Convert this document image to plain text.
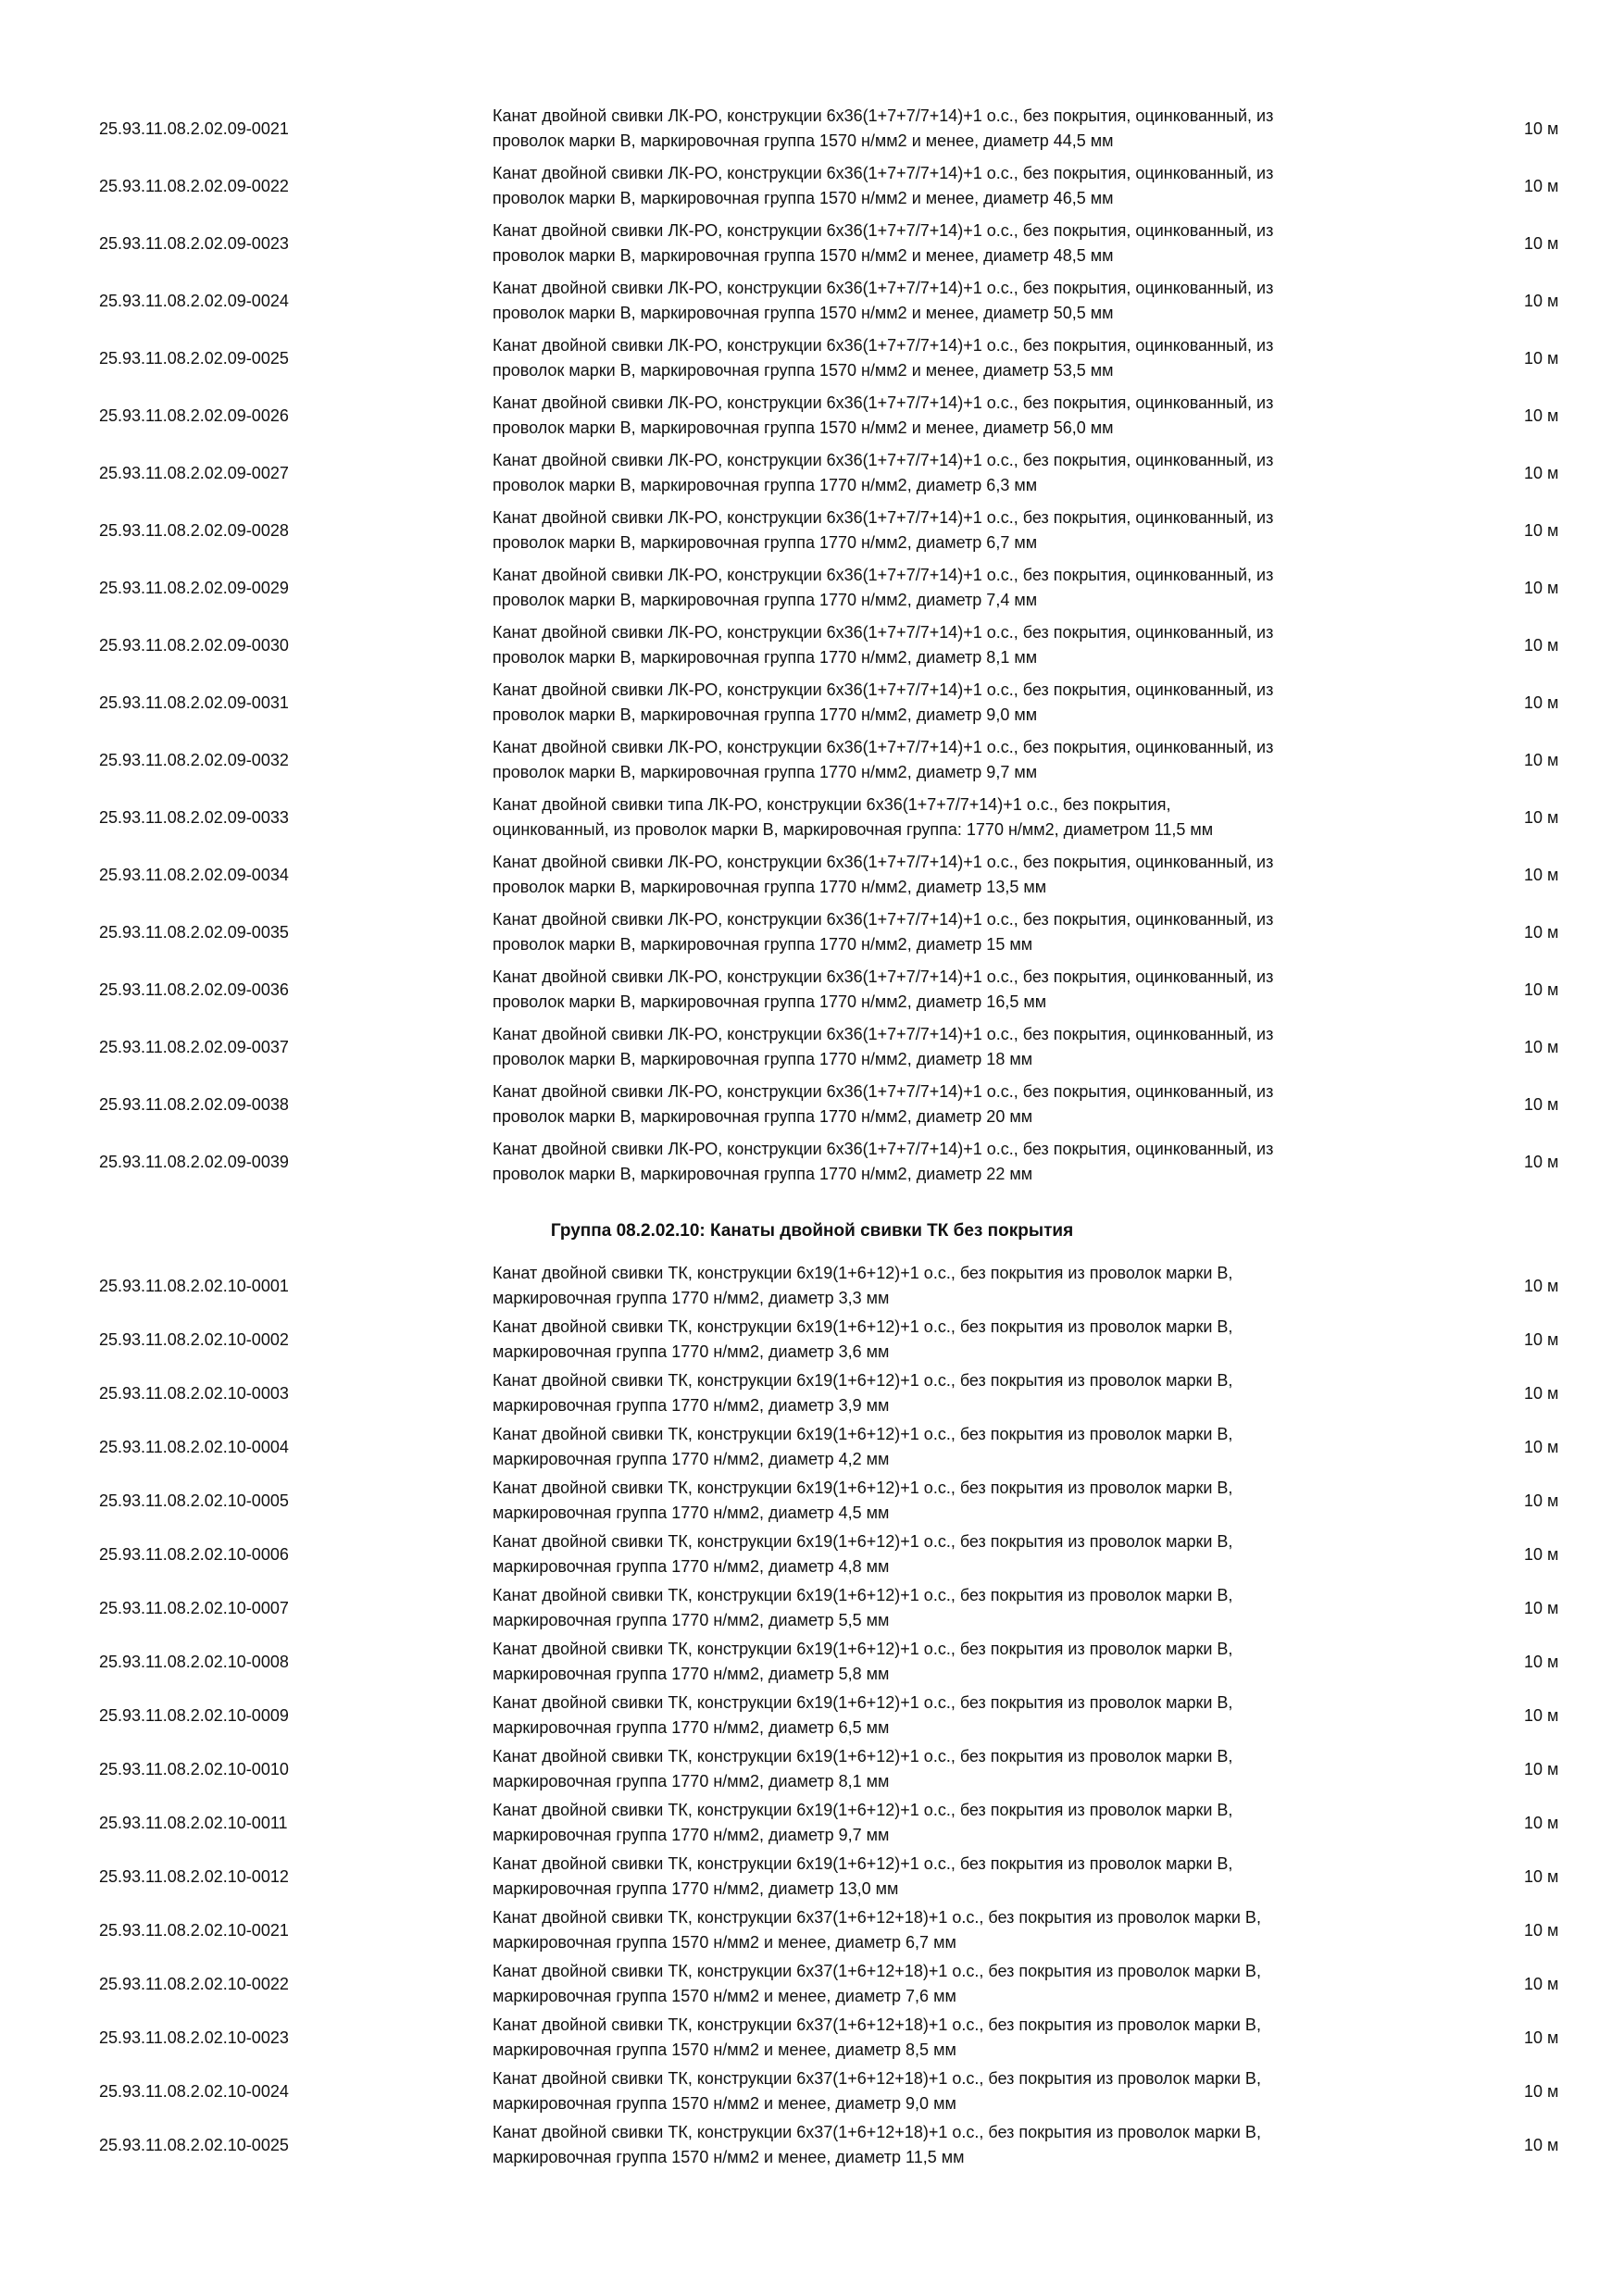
25.93.11.08.2.02.09-0021
Канат двойной свивки ЛК-РО, конструкции 6х36(1+7+7/7+14)+1 о.с., без покрытия, оцинкованный, из
проволок марки В, маркировочная группа 1570 н/мм2 и менее, диаметр 44,5 мм
10 м
25.93.11.08.2.02.09-0022
Канат двойной свивки ЛК-РО, конструкции 6х36(1+7+7/7+14)+1 о.с., без покрытия, оцинкованный, из
проволок марки В, маркировочная группа 1570 н/мм2 и менее, диаметр 46,5 мм
10 м
25.93.11.08.2.02.09-0023
Канат двойной свивки ЛК-РО, конструкции 6х36(1+7+7/7+14)+1 о.с., без покрытия, оцинкованный, из
проволок марки В, маркировочная группа 1570 н/мм2 и менее, диаметр 48,5 мм
10 м
25.93.11.08.2.02.09-0024
Канат двойной свивки ЛК-РО, конструкции 6х36(1+7+7/7+14)+1 о.с., без покрытия, оцинкованный, из
проволок марки В, маркировочная группа 1570 н/мм2 и менее, диаметр 50,5 мм
10 м
25.93.11.08.2.02.09-0025
Канат двойной свивки ЛК-РО, конструкции 6х36(1+7+7/7+14)+1 о.с., без покрытия, оцинкованный, из
проволок марки В, маркировочная группа 1570 н/мм2 и менее, диаметр 53,5 мм
10 м
25.93.11.08.2.02.09-0026
Канат двойной свивки ЛК-РО, конструкции 6х36(1+7+7/7+14)+1 о.с., без покрытия, оцинкованный, из
проволок марки В, маркировочная группа 1570 н/мм2 и менее, диаметр 56,0 мм
10 м
25.93.11.08.2.02.09-0027
Канат двойной свивки ЛК-РО, конструкции 6х36(1+7+7/7+14)+1 о.с., без покрытия, оцинкованный, из
проволок марки В, маркировочная группа 1770 н/мм2, диаметр 6,3 мм
10 м
25.93.11.08.2.02.09-0028
Канат двойной свивки ЛК-РО, конструкции 6х36(1+7+7/7+14)+1 о.с., без покрытия, оцинкованный, из
проволок марки В, маркировочная группа 1770 н/мм2, диаметр 6,7 мм
10 м
25.93.11.08.2.02.09-0029
Канат двойной свивки ЛК-РО, конструкции 6х36(1+7+7/7+14)+1 о.с., без покрытия, оцинкованный, из
проволок марки В, маркировочная группа 1770 н/мм2, диаметр 7,4 мм
10 м
25.93.11.08.2.02.09-0030
Канат двойной свивки ЛК-РО, конструкции 6х36(1+7+7/7+14)+1 о.с., без покрытия, оцинкованный, из
проволок марки В, маркировочная группа 1770 н/мм2, диаметр 8,1 мм
10 м
25.93.11.08.2.02.09-0031
Канат двойной свивки ЛК-РО, конструкции 6х36(1+7+7/7+14)+1 о.с., без покрытия, оцинкованный, из
проволок марки В, маркировочная группа 1770 н/мм2, диаметр 9,0 мм
10 м
25.93.11.08.2.02.09-0032
Канат двойной свивки ЛК-РО, конструкции 6х36(1+7+7/7+14)+1 о.с., без покрытия, оцинкованный, из
проволок марки В, маркировочная группа 1770 н/мм2, диаметр 9,7 мм
10 м
25.93.11.08.2.02.09-0033
Канат двойной свивки типа ЛК-РО, конструкции 6х36(1+7+7/7+14)+1 о.с., без покрытия,
оцинкованный, из проволок марки В, маркировочная группа: 1770 н/мм2, диаметром 11,5 мм
10 м
25.93.11.08.2.02.09-0034
Канат двойной свивки ЛК-РО, конструкции 6х36(1+7+7/7+14)+1 о.с., без покрытия, оцинкованный, из
проволок марки В, маркировочная группа 1770 н/мм2, диаметр 13,5 мм
10 м
25.93.11.08.2.02.09-0035
Канат двойной свивки ЛК-РО, конструкции 6х36(1+7+7/7+14)+1 о.с., без покрытия, оцинкованный, из
проволок марки В, маркировочная группа 1770 н/мм2, диаметр 15 мм
10 м
25.93.11.08.2.02.09-0036
Канат двойной свивки ЛК-РО, конструкции 6х36(1+7+7/7+14)+1 о.с., без покрытия, оцинкованный, из
проволок марки В, маркировочная группа 1770 н/мм2, диаметр 16,5 мм
10 м
25.93.11.08.2.02.09-0037
Канат двойной свивки ЛК-РО, конструкции 6х36(1+7+7/7+14)+1 о.с., без покрытия, оцинкованный, из
проволок марки В, маркировочная группа 1770 н/мм2, диаметр 18 мм
10 м
25.93.11.08.2.02.09-0038
Канат двойной свивки ЛК-РО, конструкции 6х36(1+7+7/7+14)+1 о.с., без покрытия, оцинкованный, из
проволок марки В, маркировочная группа 1770 н/мм2, диаметр 20 мм
10 м
25.93.11.08.2.02.09-0039
Канат двойной свивки ЛК-РО, конструкции 6х36(1+7+7/7+14)+1 о.с., без покрытия, оцинкованный, из
проволок марки В, маркировочная группа 1770 н/мм2, диаметр 22 мм
10 м
Группа 08.2.02.10: Канаты двойной свивки ТК без покрытия
25.93.11.08.2.02.10-0001
Канат двойной свивки ТК, конструкции 6х19(1+6+12)+1 о.с., без покрытия из проволок марки В,
маркировочная группа 1770 н/мм2, диаметр 3,3 мм
10 м
25.93.11.08.2.02.10-0002
Канат двойной свивки ТК, конструкции 6х19(1+6+12)+1 о.с., без покрытия из проволок марки В,
маркировочная группа 1770 н/мм2, диаметр 3,6 мм
10 м
25.93.11.08.2.02.10-0003
Канат двойной свивки ТК, конструкции 6х19(1+6+12)+1 о.с., без покрытия из проволок марки В,
маркировочная группа 1770 н/мм2, диаметр 3,9 мм
10 м
25.93.11.08.2.02.10-0004
Канат двойной свивки ТК, конструкции 6х19(1+6+12)+1 о.с., без покрытия из проволок марки В,
маркировочная группа 1770 н/мм2, диаметр 4,2 мм
10 м
25.93.11.08.2.02.10-0005
Канат двойной свивки ТК, конструкции 6х19(1+6+12)+1 о.с., без покрытия из проволок марки В,
маркировочная группа 1770 н/мм2, диаметр 4,5 мм
10 м
25.93.11.08.2.02.10-0006
Канат двойной свивки ТК, конструкции 6х19(1+6+12)+1 о.с., без покрытия из проволок марки В,
маркировочная группа 1770 н/мм2, диаметр 4,8 мм
10 м
25.93.11.08.2.02.10-0007
Канат двойной свивки ТК, конструкции 6х19(1+6+12)+1 о.с., без покрытия из проволок марки В,
маркировочная группа 1770 н/мм2, диаметр 5,5 мм
10 м
25.93.11.08.2.02.10-0008
Канат двойной свивки ТК, конструкции 6х19(1+6+12)+1 о.с., без покрытия из проволок марки В,
маркировочная группа 1770 н/мм2, диаметр 5,8 мм
10 м
25.93.11.08.2.02.10-0009
Канат двойной свивки ТК, конструкции 6х19(1+6+12)+1 о.с., без покрытия из проволок марки В,
маркировочная группа 1770 н/мм2, диаметр 6,5 мм
10 м
25.93.11.08.2.02.10-0010
Канат двойной свивки ТК, конструкции 6х19(1+6+12)+1 о.с., без покрытия из проволок марки В,
маркировочная группа 1770 н/мм2, диаметр 8,1 мм
10 м
25.93.11.08.2.02.10-0011
Канат двойной свивки ТК, конструкции 6х19(1+6+12)+1 о.с., без покрытия из проволок марки В,
маркировочная группа 1770 н/мм2, диаметр 9,7 мм
10 м
25.93.11.08.2.02.10-0012
Канат двойной свивки ТК, конструкции 6х19(1+6+12)+1 о.с., без покрытия из проволок марки В,
маркировочная группа 1770 н/мм2, диаметр 13,0 мм
10 м
25.93.11.08.2.02.10-0021
Канат двойной свивки ТК, конструкции 6х37(1+6+12+18)+1 о.с., без покрытия из проволок марки В,
маркировочная группа 1570 н/мм2 и менее, диаметр 6,7 мм
10 м
25.93.11.08.2.02.10-0022
Канат двойной свивки ТК, конструкции 6х37(1+6+12+18)+1 о.с., без покрытия из проволок марки В,
маркировочная группа 1570 н/мм2 и менее, диаметр 7,6 мм
10 м
25.93.11.08.2.02.10-0023
Канат двойной свивки ТК, конструкции 6х37(1+6+12+18)+1 о.с., без покрытия из проволок марки В,
маркировочная группа 1570 н/мм2 и менее, диаметр 8,5 мм
10 м
25.93.11.08.2.02.10-0024
Канат двойной свивки ТК, конструкции 6х37(1+6+12+18)+1 о.с., без покрытия из проволок марки В,
маркировочная группа 1570 н/мм2 и менее, диаметр 9,0 мм
10 м
25.93.11.08.2.02.10-0025
Канат двойной свивки ТК, конструкции 6х37(1+6+12+18)+1 о.с., без покрытия из проволок марки В,
маркировочная группа 1570 н/мм2 и менее, диаметр 11,5 мм
10 м
